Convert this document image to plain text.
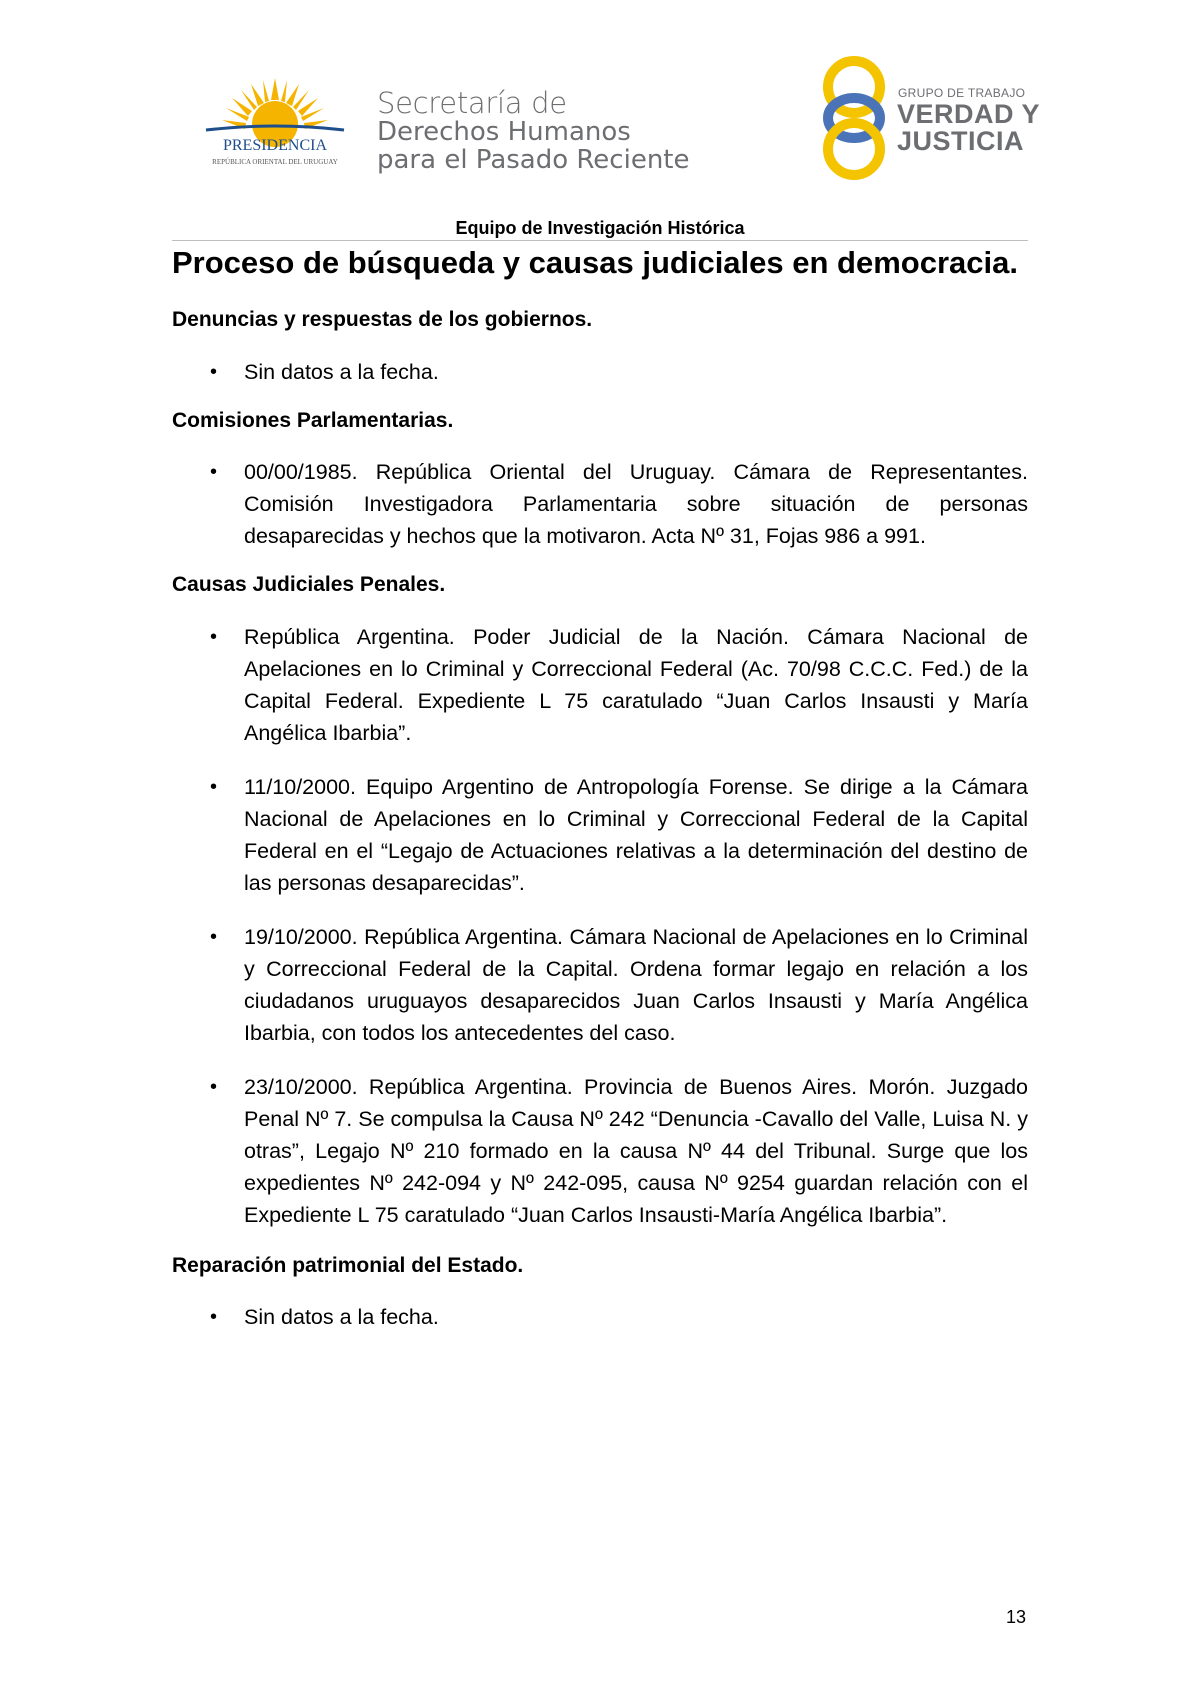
PRESIDENCIA
REPÚBLICA ORIENTAL DEL URUGUAY
Secretaría de
Derechos Humanos
para el Pasado Reciente
GRUPO DE TRABAJO
VERDAD Y
JUSTICIA
Equipo de Investigación Histórica
Proceso de búsqueda y causas judiciales en democracia.
Denuncias y respuestas de los gobiernos.
• Sin datos a la fecha.
Comisiones Parlamentarias.
• 00/00/1985. República Oriental del Uruguay. Cámara de Representantes. Comisión Investigadora Parlamentaria sobre situación de personas desaparecidas y hechos que la motivaron. Acta Nº 31, Fojas 986 a 991.
Causas Judiciales Penales.
• República Argentina. Poder Judicial de la Nación. Cámara Nacional de Apelaciones en lo Criminal y Correccional Federal (Ac. 70/98 C.C.C. Fed.) de la Capital Federal. Expediente L 75 caratulado “Juan Carlos Insausti y María Angélica Ibarbia”.
• 11/10/2000. Equipo Argentino de Antropología Forense. Se dirige a la Cámara Nacional de Apelaciones en lo Criminal y Correccional Federal de la Capital Federal en el “Legajo de Actuaciones relativas a la determinación del destino de las personas desaparecidas”.
• 19/10/2000. República Argentina. Cámara Nacional de Apelaciones en lo Criminal y Correccional Federal de la Capital. Ordena formar legajo en relación a los ciudadanos uruguayos desaparecidos Juan Carlos Insausti y María Angélica Ibarbia, con todos los antecedentes del caso.
• 23/10/2000. República Argentina. Provincia de Buenos Aires. Morón. Juzgado Penal Nº 7. Se compulsa la Causa Nº 242 “Denuncia -Cavallo del Valle, Luisa N. y otras”, Legajo Nº 210 formado en la causa Nº 44 del Tribunal. Surge que los expedientes Nº 242-094 y Nº 242-095, causa Nº 9254 guardan relación con el Expediente L 75 caratulado “Juan Carlos Insausti-María Angélica Ibarbia”.
Reparación patrimonial del Estado.
• Sin datos a la fecha.
13
